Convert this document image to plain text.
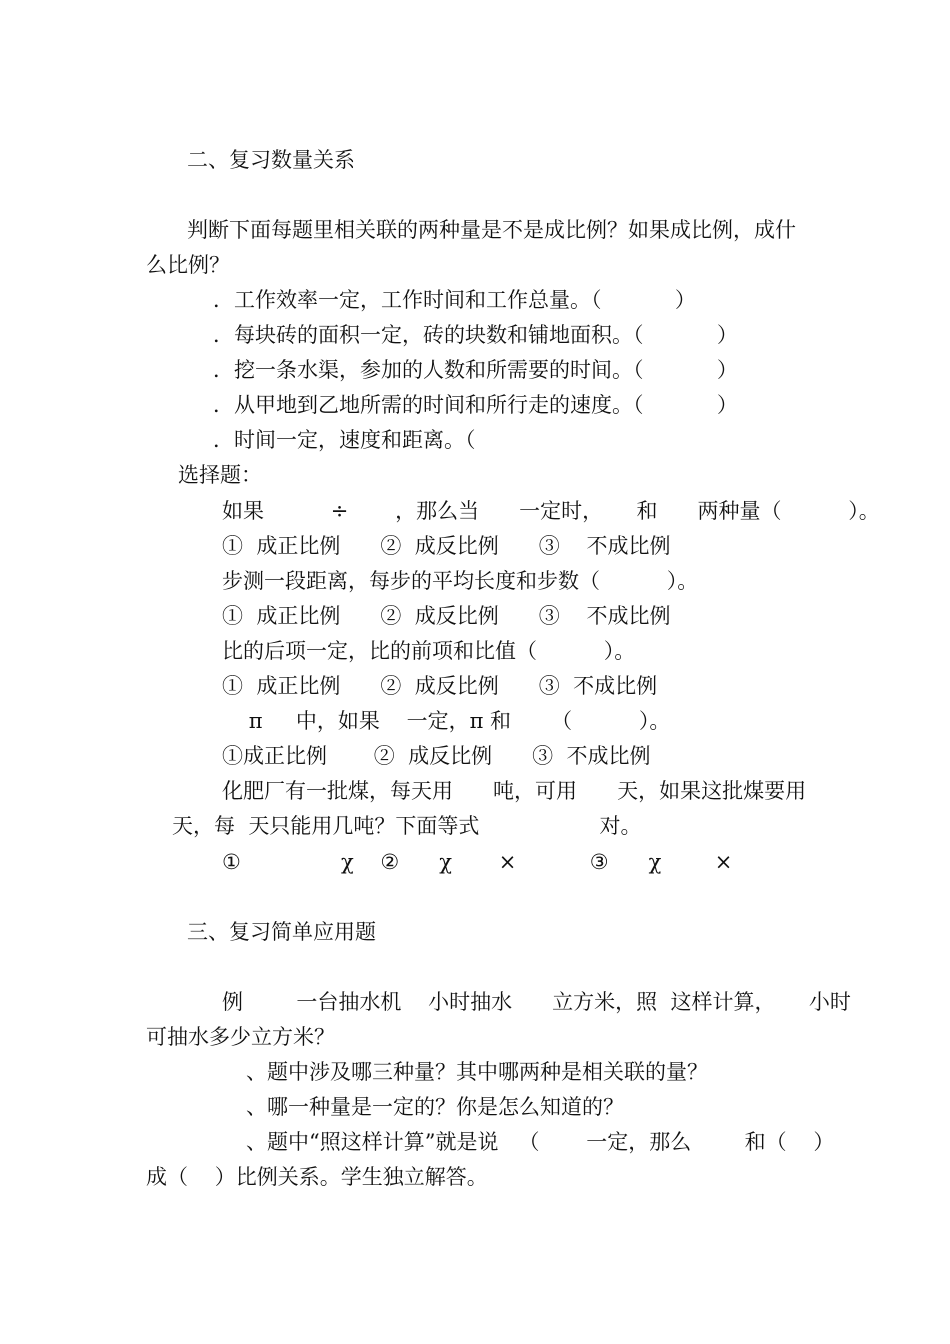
二、复习数量关系
判断下面每题里相关联的两种量是不是成比例？如果成比例，成什
么比例？
．工作效率一定，工作时间和工作总量。（           ）
．每块砖的面积一定，砖的块数和铺地面积。（           ）
．挖一条水渠，参加的人数和所需要的时间。（           ）
．从甲地到乙地所需的时间和所行走的速度。（           ）
．时间一定，速度和距离。（
选择题：
如果          ÷       ，那么当      一定时，     和      两种量（          ）。
①  成正比例      ②  成反比例      ③    不成比例
步测一段距离，每步的平均长度和步数（          ）。
①  成正比例      ②  成反比例      ③    不成比例
比的后项一定，比的前项和比值（          ）。
①  成正比例      ②  成反比例      ③  不成比例
π     中，如果    一定，π 和      （          ）。
①成正比例       ②  成反比例      ③  不成比例
化肥厂有一批煤，每天用      吨，可用      天，如果这批煤要用
天，每  天只能用几吨？下面等式                  对。
①               χ    ②      χ       ×           ③      χ        ×
三、复习简单应用题
例        一台抽水机    小时抽水      立方米，照  这样计算，     小时
可抽水多少立方米？
、题中涉及哪三种量？其中哪两种是相关联的量？
、哪一种量是一定的？你是怎么知道的？
、题中“照这样计算”就是说   （       一定，那么        和（    ）
成（    ）比例关系。学生独立解答。
